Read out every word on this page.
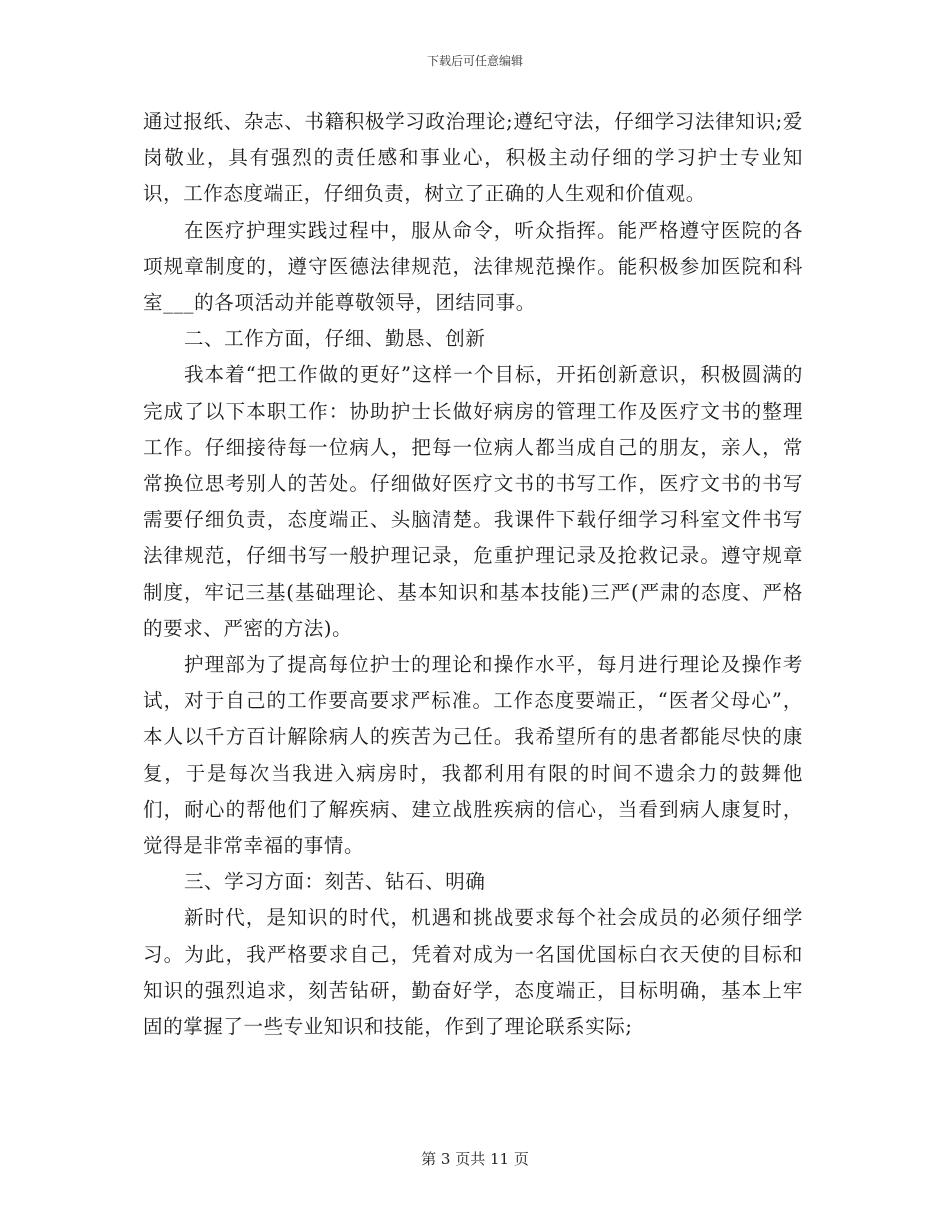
下载后可任意编辑

通过报纸、杂志、书籍积极学习政治理论;遵纪守法，仔细学习法律知识;爱岗敬业，具有强烈的责任感和事业心，积极主动仔细的学习护士专业知识，工作态度端正，仔细负责，树立了正确的人生观和价值观。

在医疗护理实践过程中，服从命令，听众指挥。能严格遵守医院的各项规章制度的，遵守医德法律规范，法律规范操作。能积极参加医院和科室___的各项活动并能尊敬领导，团结同事。

二、工作方面，仔细、勤恳、创新

我本着“把工作做的更好”这样一个目标，开拓创新意识，积极圆满的完成了以下本职工作：协助护士长做好病房的管理工作及医疗文书的整理工作。仔细接待每一位病人，把每一位病人都当成自己的朋友，亲人，常常换位思考别人的苦处。仔细做好医疗文书的书写工作，医疗文书的书写需要仔细负责，态度端正、头脑清楚。我课件下载仔细学习科室文件书写法律规范，仔细书写一般护理记录，危重护理记录及抢救记录。遵守规章制度，牢记三基(基础理论、基本知识和基本技能)三严(严肃的态度、严格的要求、严密的方法)。

护理部为了提高每位护士的理论和操作水平，每月进行理论及操作考试，对于自己的工作要高要求严标准。工作态度要端正，“医者父母心”，本人以千方百计解除病人的疾苦为己任。我希望所有的患者都能尽快的康复，于是每次当我进入病房时，我都利用有限的时间不遗余力的鼓舞他们，耐心的帮他们了解疾病、建立战胜疾病的信心，当看到病人康复时，觉得是非常幸福的事情。

三、学习方面：刻苦、钻石、明确

新时代，是知识的时代，机遇和挑战要求每个社会成员的必须仔细学习。为此，我严格要求自己，凭着对成为一名国优国标白衣天使的目标和知识的强烈追求，刻苦钻研，勤奋好学，态度端正，目标明确，基本上牢固的掌握了一些专业知识和技能，作到了理论联系实际;

第 3 页共 11 页
